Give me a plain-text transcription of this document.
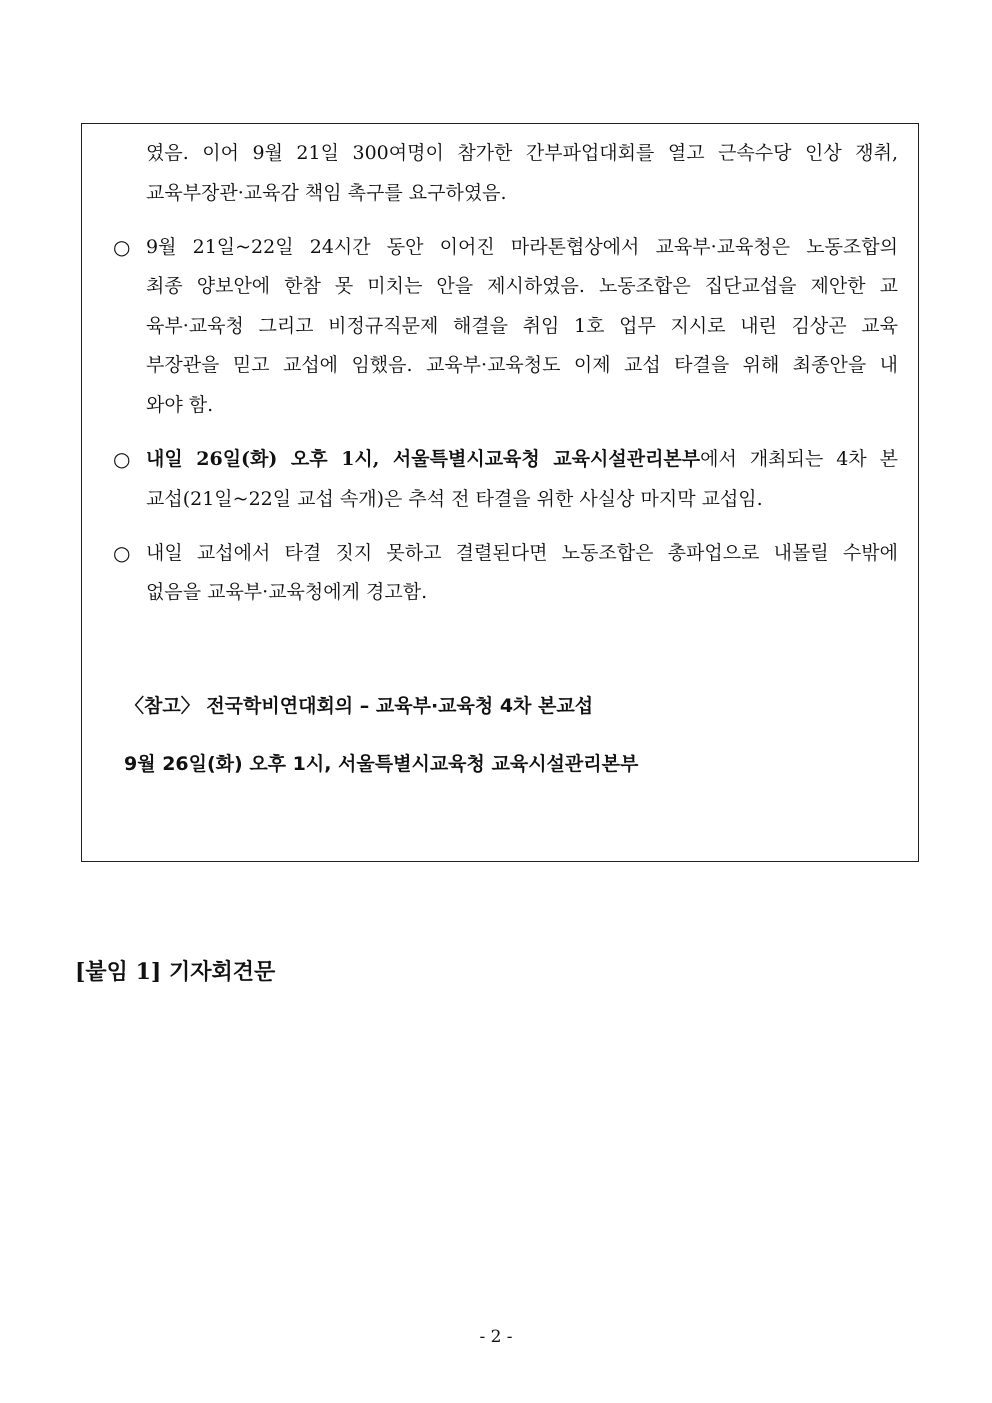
였음. 이어 9월 21일 300여명이 참가한 간부파업대회를 열고 근속수당 인상 쟁취,
교육부장관·교육감 책임 촉구를 요구하였음.
○ 9월 21일~22일 24시간 동안 이어진 마라톤협상에서 교육부·교육청은 노동조합의
최종 양보안에 한참 못 미치는 안을 제시하였음. 노동조합은 집단교섭을 제안한 교
육부·교육청 그리고 비정규직문제 해결을 취임 1호 업무 지시로 내린 김상곤 교육
부장관을 믿고 교섭에 임했음. 교육부·교육청도 이제 교섭 타결을 위해 최종안을 내
와야 함.
○ 내일 26일(화) 오후 1시, 서울특별시교육청 교육시설관리본부에서 개최되는 4차 본
교섭(21일~22일 교섭 속개)은 추석 전 타결을 위한 사실상 마지막 교섭임.
○ 내일 교섭에서 타결 짓지 못하고 결렬된다면 노동조합은 총파업으로 내몰릴 수밖에
없음을 교육부·교육청에게 경고함.
〈참고〉 전국학비연대회의 – 교육부·교육청 4차 본교섭
9월 26일(화) 오후 1시, 서울특별시교육청 교육시설관리본부
[붙임 1] 기자회견문
- 2 -
